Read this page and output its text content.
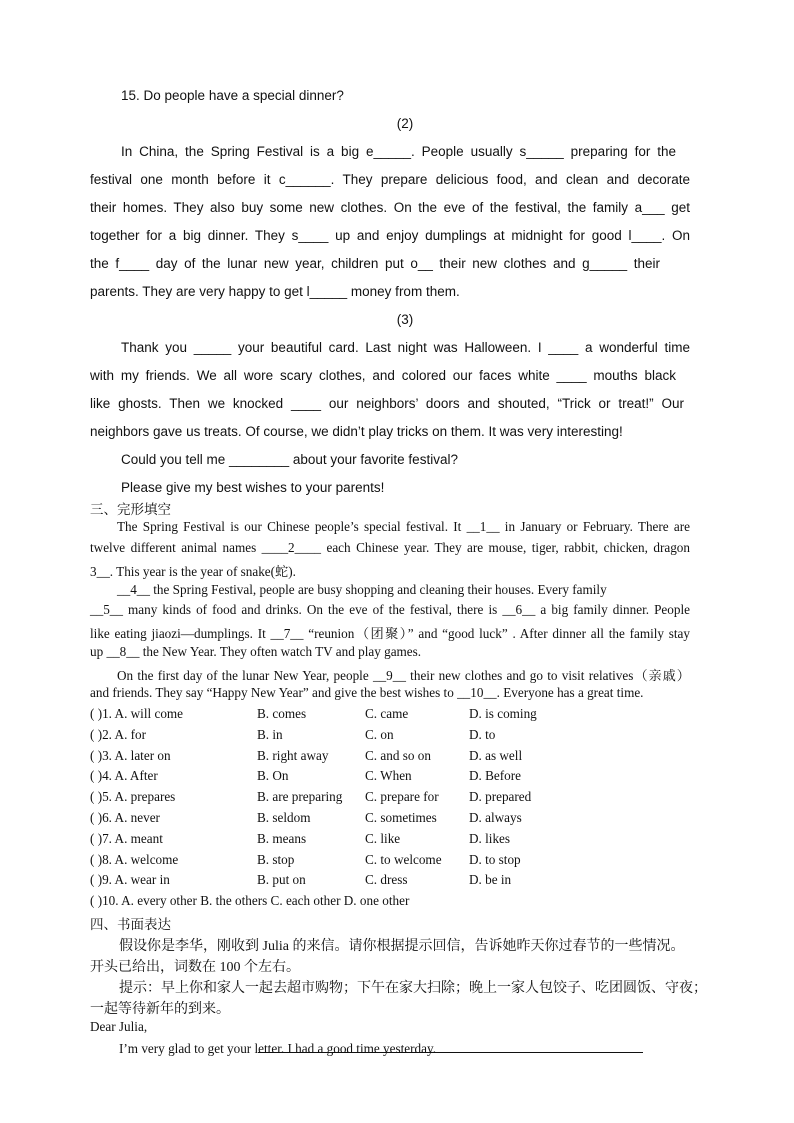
15. Do people have a special dinner?
(2)
In China, the Spring Festival is a big e_____. People usually s_____ preparing for the
festival one month before it c______. They prepare delicious food, and clean and decorate
their homes. They also buy some new clothes. On the eve of the festival, the family a___ get
together for a big dinner. They s____ up and enjoy dumplings at midnight for good l____. On
the f____ day of the lunar new year, children put o__ their new clothes and g_____ their
parents. They are very happy to get l_____ money from them.
(3)
Thank you _____ your beautiful card. Last night was Halloween. I ____ a wonderful time
with my friends. We all wore scary clothes, and colored our faces white ____ mouths black
like ghosts. Then we knocked ____ our neighbors’ doors and shouted, “Trick or treat!” Our
neighbors gave us treats. Of course, we didn’t play tricks on them. It was very interesting!
Could you tell me ________ about your favorite festival?
Please give my best wishes to your parents!
三、完形填空
The Spring Festival is our Chinese people’s special festival. It __1__ in January or February. There are
twelve different animal names ____2____ each Chinese year. They are mouse, tiger, rabbit, chicken, dragon
3__. This year is the year of snake(蛇).
__4__ the Spring Festival, people are busy shopping and cleaning their houses. Every family
__5__ many kinds of food and drinks. On the eve of the festival, there is __6__ a big family dinner. People
like eating jiaozi—dumplings. It __7__ “reunion（团聚）” and “good luck” . After dinner all the family stay
up __8__ the New Year. They often watch TV and play games.
On the first day of the lunar New Year, people __9__ their new clothes and go to visit relatives（亲戚）
and friends. They say “Happy New Year” and give the best wishes to __10__. Everyone has a great time.
( )1. A. will come	B. comes	C. came	D. is coming
( )2. A. for	B. in	C. on	D. to
( )3. A. later on	B. right away	C. and so on	D. as well
( )4. A. After	B. On	C. When	D. Before
( )5. A. prepares	B. are preparing C. prepare for D. prepared
( )6. A. never	B. seldom	C. sometimes D. always
( )7. A. meant	B. means	C. like	D. likes
( )8. A. welcome	B. stop	C. to welcome D. to stop
( )9. A. wear in	B. put on	C. dress	D. be in
( )10. A. every other B. the others C. each other D. one other
四、书面表达
假设你是李华，刚收到 Julia 的来信。请你根据提示回信，告诉她昨天你过春节的一些情况。
开头已给出，词数在 100 个左右。
提示：早上你和家人一起去超市购物；下午在家大扫除；晚上一家人包饺子、吃团圆饭、守夜；
一起等待新年的到来。
Dear Julia,
I’m very glad to get your letter. I had a good time yesterday.
